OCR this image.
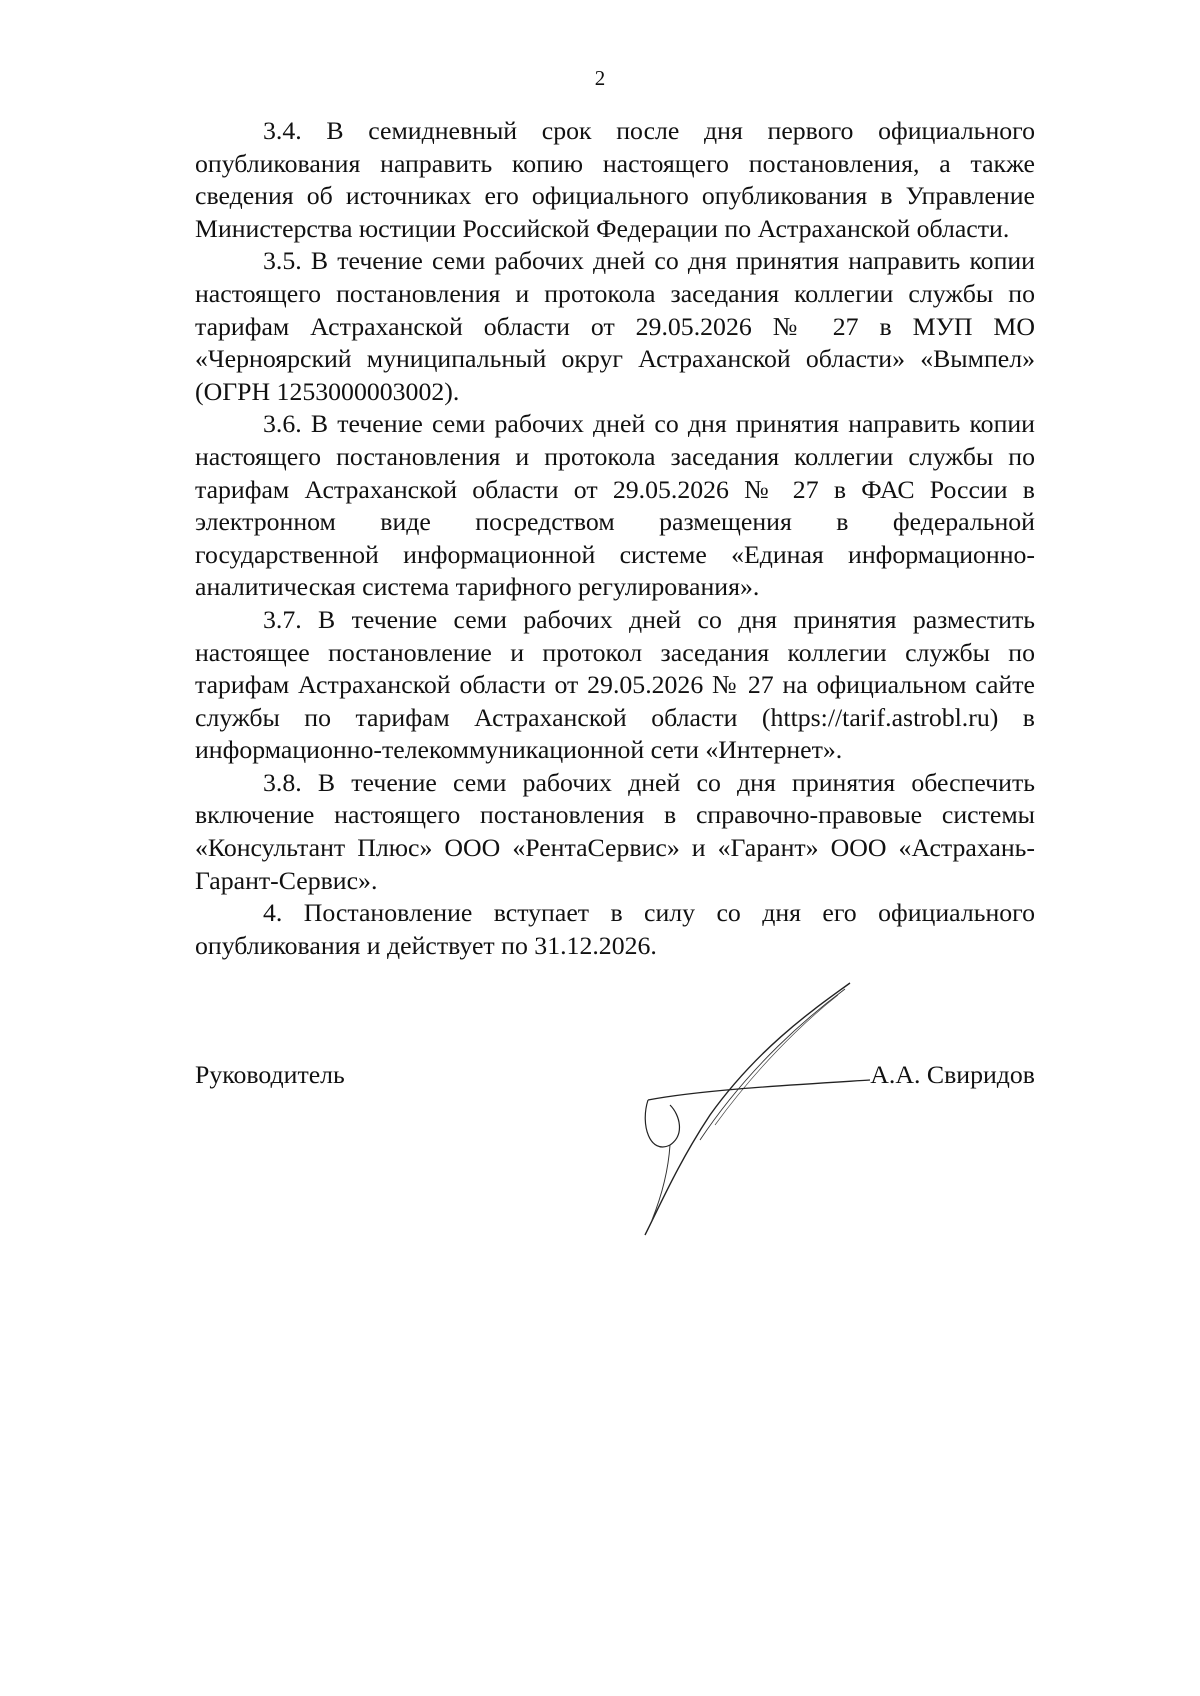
2

3.4. В семидневный срок после дня первого официального опубликования направить копию настоящего постановления, а также сведения об источниках его официального опубликования в Управление Министерства юстиции Российской Федерации по Астраханской области.

3.5. В течение семи рабочих дней со дня принятия направить копии настоящего постановления и протокола заседания коллегии службы по тарифам Астраханской области от 29.05.2026 № 27 в МУП МО «Черноярский муниципальный округ Астраханской области» «Вымпел» (ОГРН 1253000003002).

3.6. В течение семи рабочих дней со дня принятия направить копии настоящего постановления и протокола заседания коллегии службы по тарифам Астраханской области от 29.05.2026 № 27 в ФАС России в электронном виде посредством размещения в федеральной государственной информационной системе «Единая информационно-аналитическая система тарифного регулирования».

3.7. В течение семи рабочих дней со дня принятия разместить настоящее постановление и протокол заседания коллегии службы по тарифам Астраханской области от 29.05.2026 № 27 на официальном сайте службы по тарифам Астраханской области (https://tarif.astrobl.ru) в информационно-телекоммуникационной сети «Интернет».

3.8. В течение семи рабочих дней со дня принятия обеспечить включение настоящего постановления в справочно-правовые системы «Консультант Плюс» ООО «РентаСервис» и «Гарант» ООО «Астрахань-Гарант-Сервис».

4. Постановление вступает в силу со дня его официального опубликования и действует по 31.12.2026.

Руководитель	А.А. Свиридов
